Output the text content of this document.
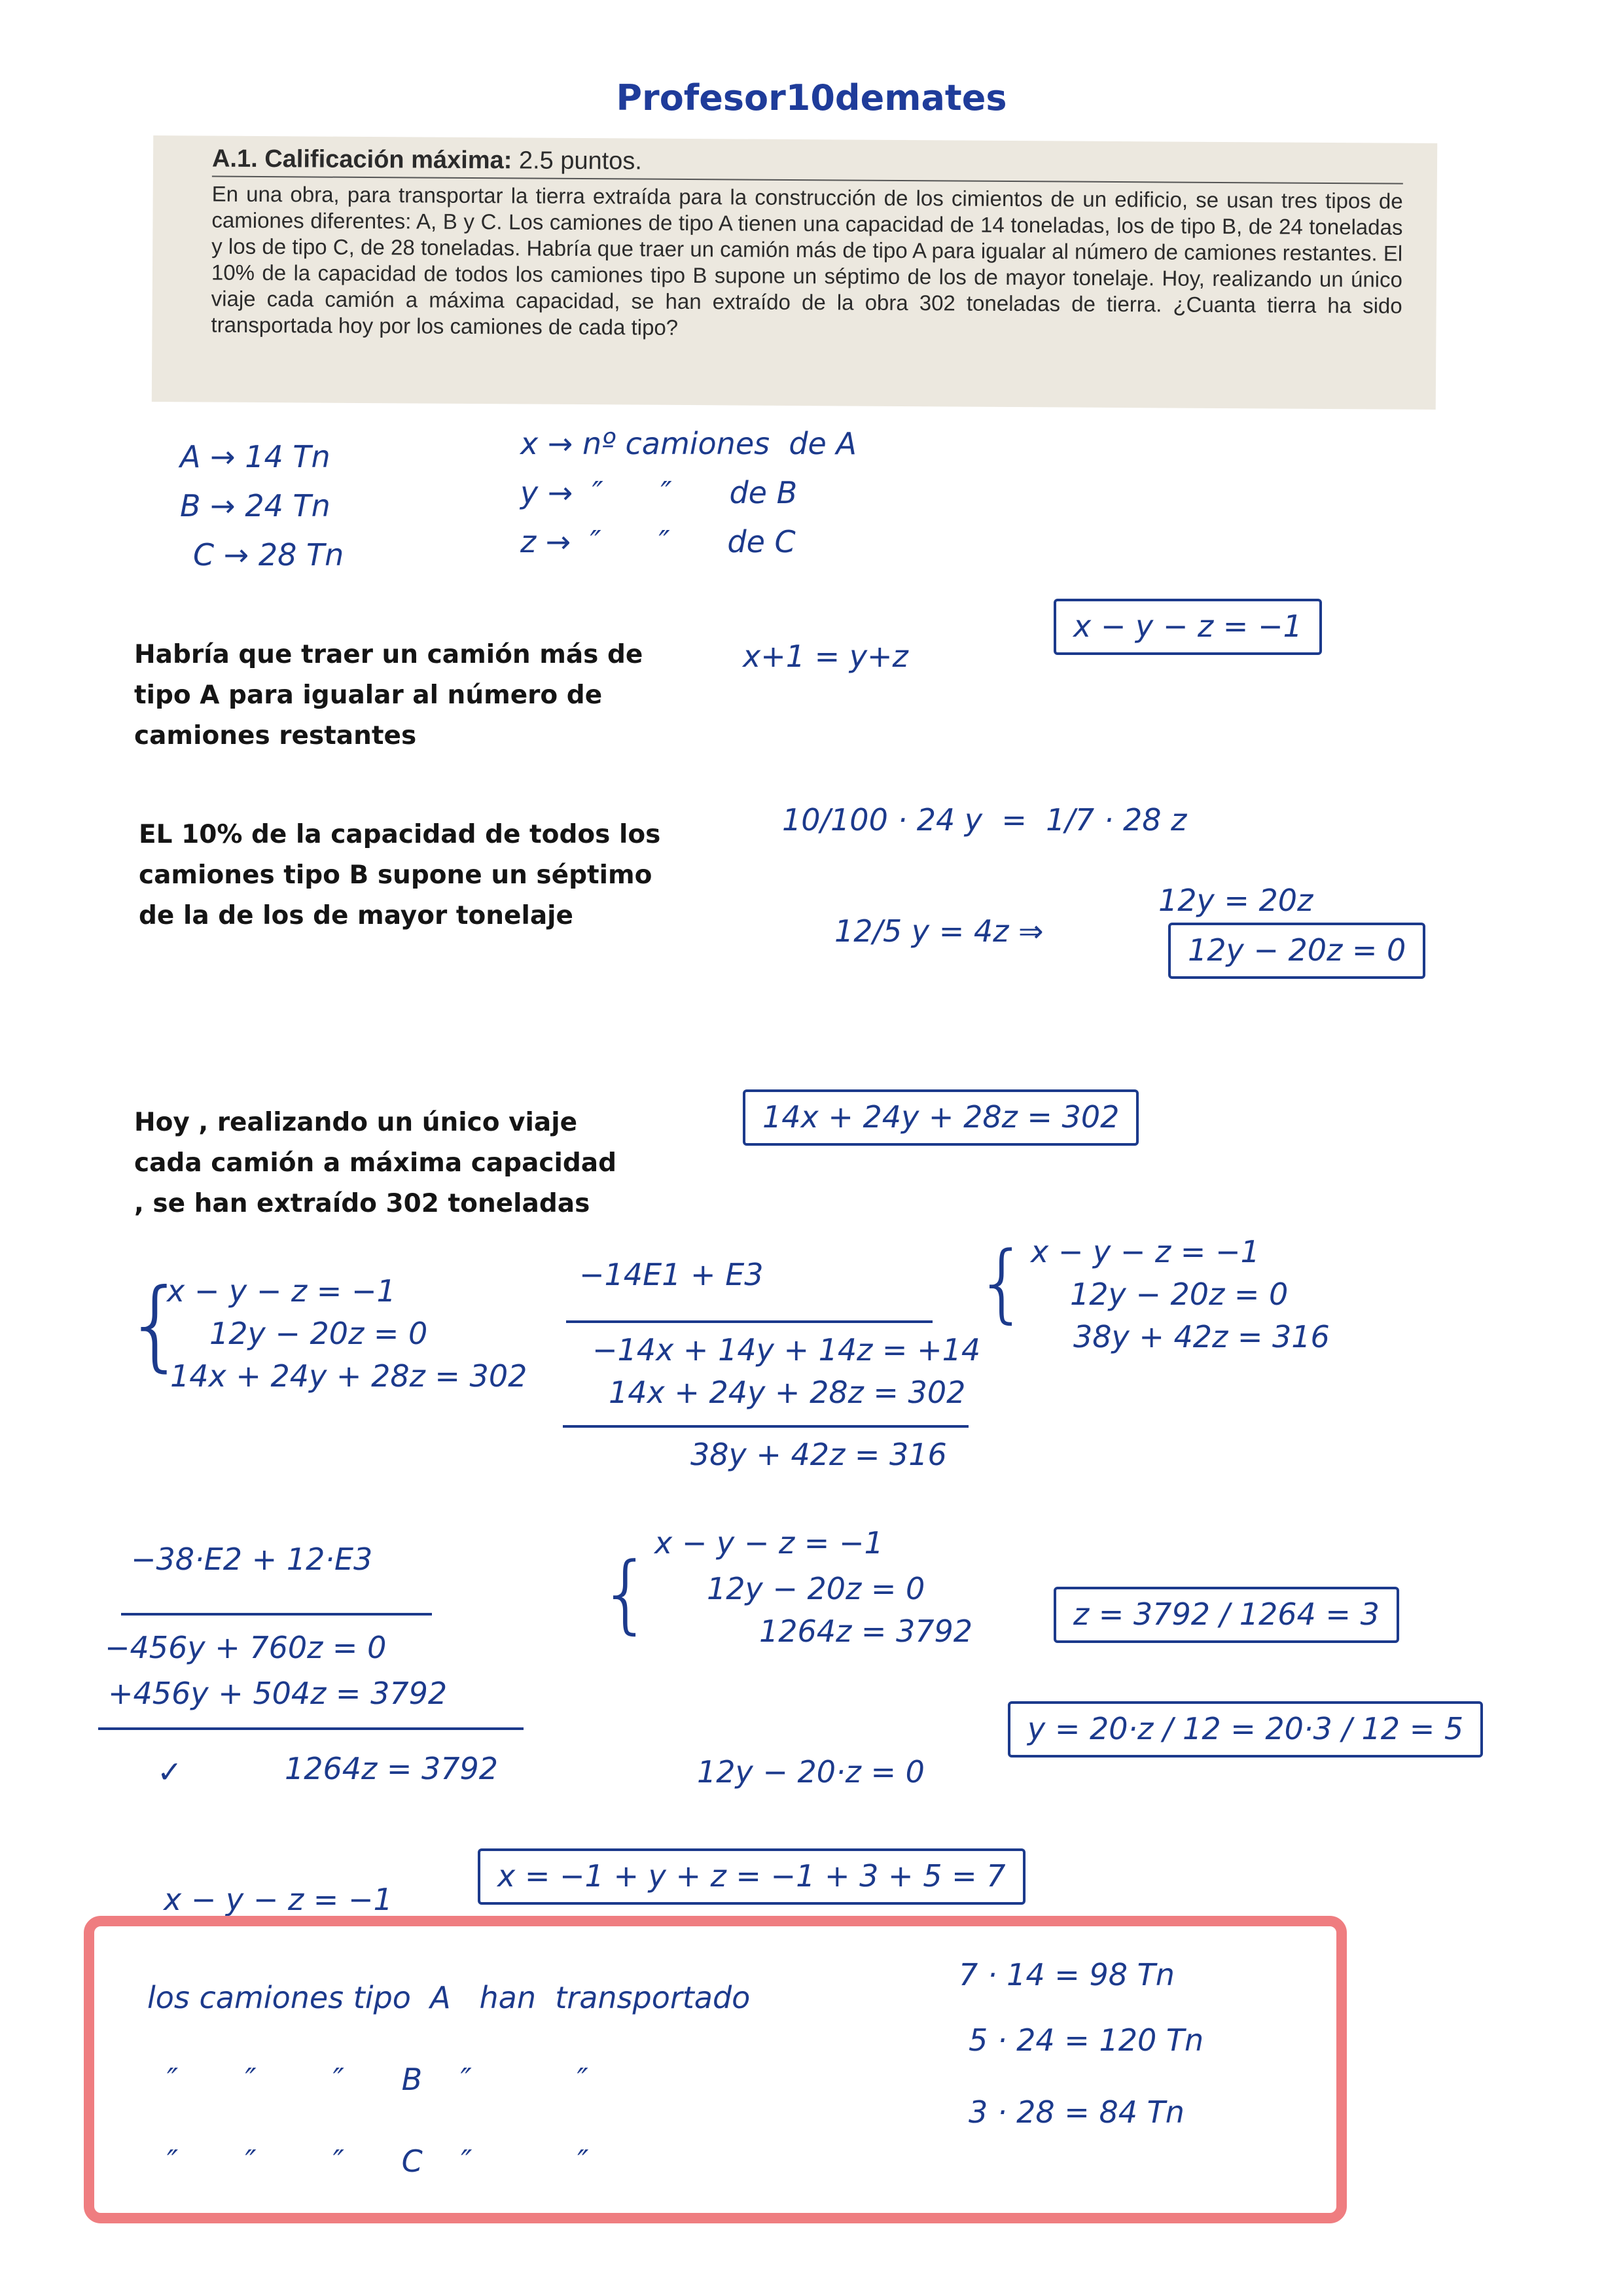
Profesor10demates
A.1. Calificación máxima: 2.5 puntos.
En una obra, para transportar la tierra extraída para la construcción de los cimientos de un edificio, se usan tres tipos de camiones diferentes: A, B y C. Los camiones de tipo A tienen una capacidad de 14 toneladas, los de tipo B, de 24 toneladas y los de tipo C, de 28 toneladas. Habría que traer un camión más de tipo A para igualar al número de camiones restantes. El 10% de la capacidad de todos los camiones tipo B supone un séptimo de los de mayor tonelaje. Hoy, realizando un único viaje cada camión a máxima capacidad, se han extraído de la obra 302 toneladas de tierra. ¿Cuanta tierra ha sido transportada hoy por los camiones de cada tipo?
A → 14 Tn
B → 24 Tn
C → 28 Tn
x → nº camiones  de A
y →  ″      ″      de B
z →  ″      ″      de C
Habría que traer un camión más de tipo A para igualar al número de camiones restantes
x+1 = y+z
x − y − z = −1
EL 10% de la capacidad de todos los camiones tipo B supone un séptimo de la de los de mayor tonelaje
10/100 · 24 y  =  1/7 · 28 z
12/5 y = 4z ⇒
12y = 20z
12y − 20z = 0
Hoy , realizando un único viaje cada camión a máxima capacidad , se han extraído 302 toneladas
14x + 24y + 28z = 302
{
x − y − z = −1
12y − 20z = 0
14x + 24y + 28z = 302
−14E1 + E3
−14x + 14y + 14z = +14
14x + 24y + 28z = 302
38y + 42z = 316
{ x − y − z = −1
12y − 20z = 0
38y + 42z = 316
−38·E2 + 12·E3
−456y + 760z = 0
+456y + 504z = 3792
✓	1264z = 3792
{
x − y − z = −1
12y − 20z = 0
1264z = 3792	z = 3792 / 1264 = 3
y = 20·z / 12 = 20·3 / 12 = 5
12y − 20·z = 0
x − y − z = −1
x = −1 + y + z = −1 + 3 + 5 = 7
los camiones tipo  A   han  transportado
″       ″        ″      B    ″           ″
″       ″        ″      C    ″           ″
7 · 14 = 98 Tn
5 · 24 = 120 Tn
3 · 28 = 84 Tn
